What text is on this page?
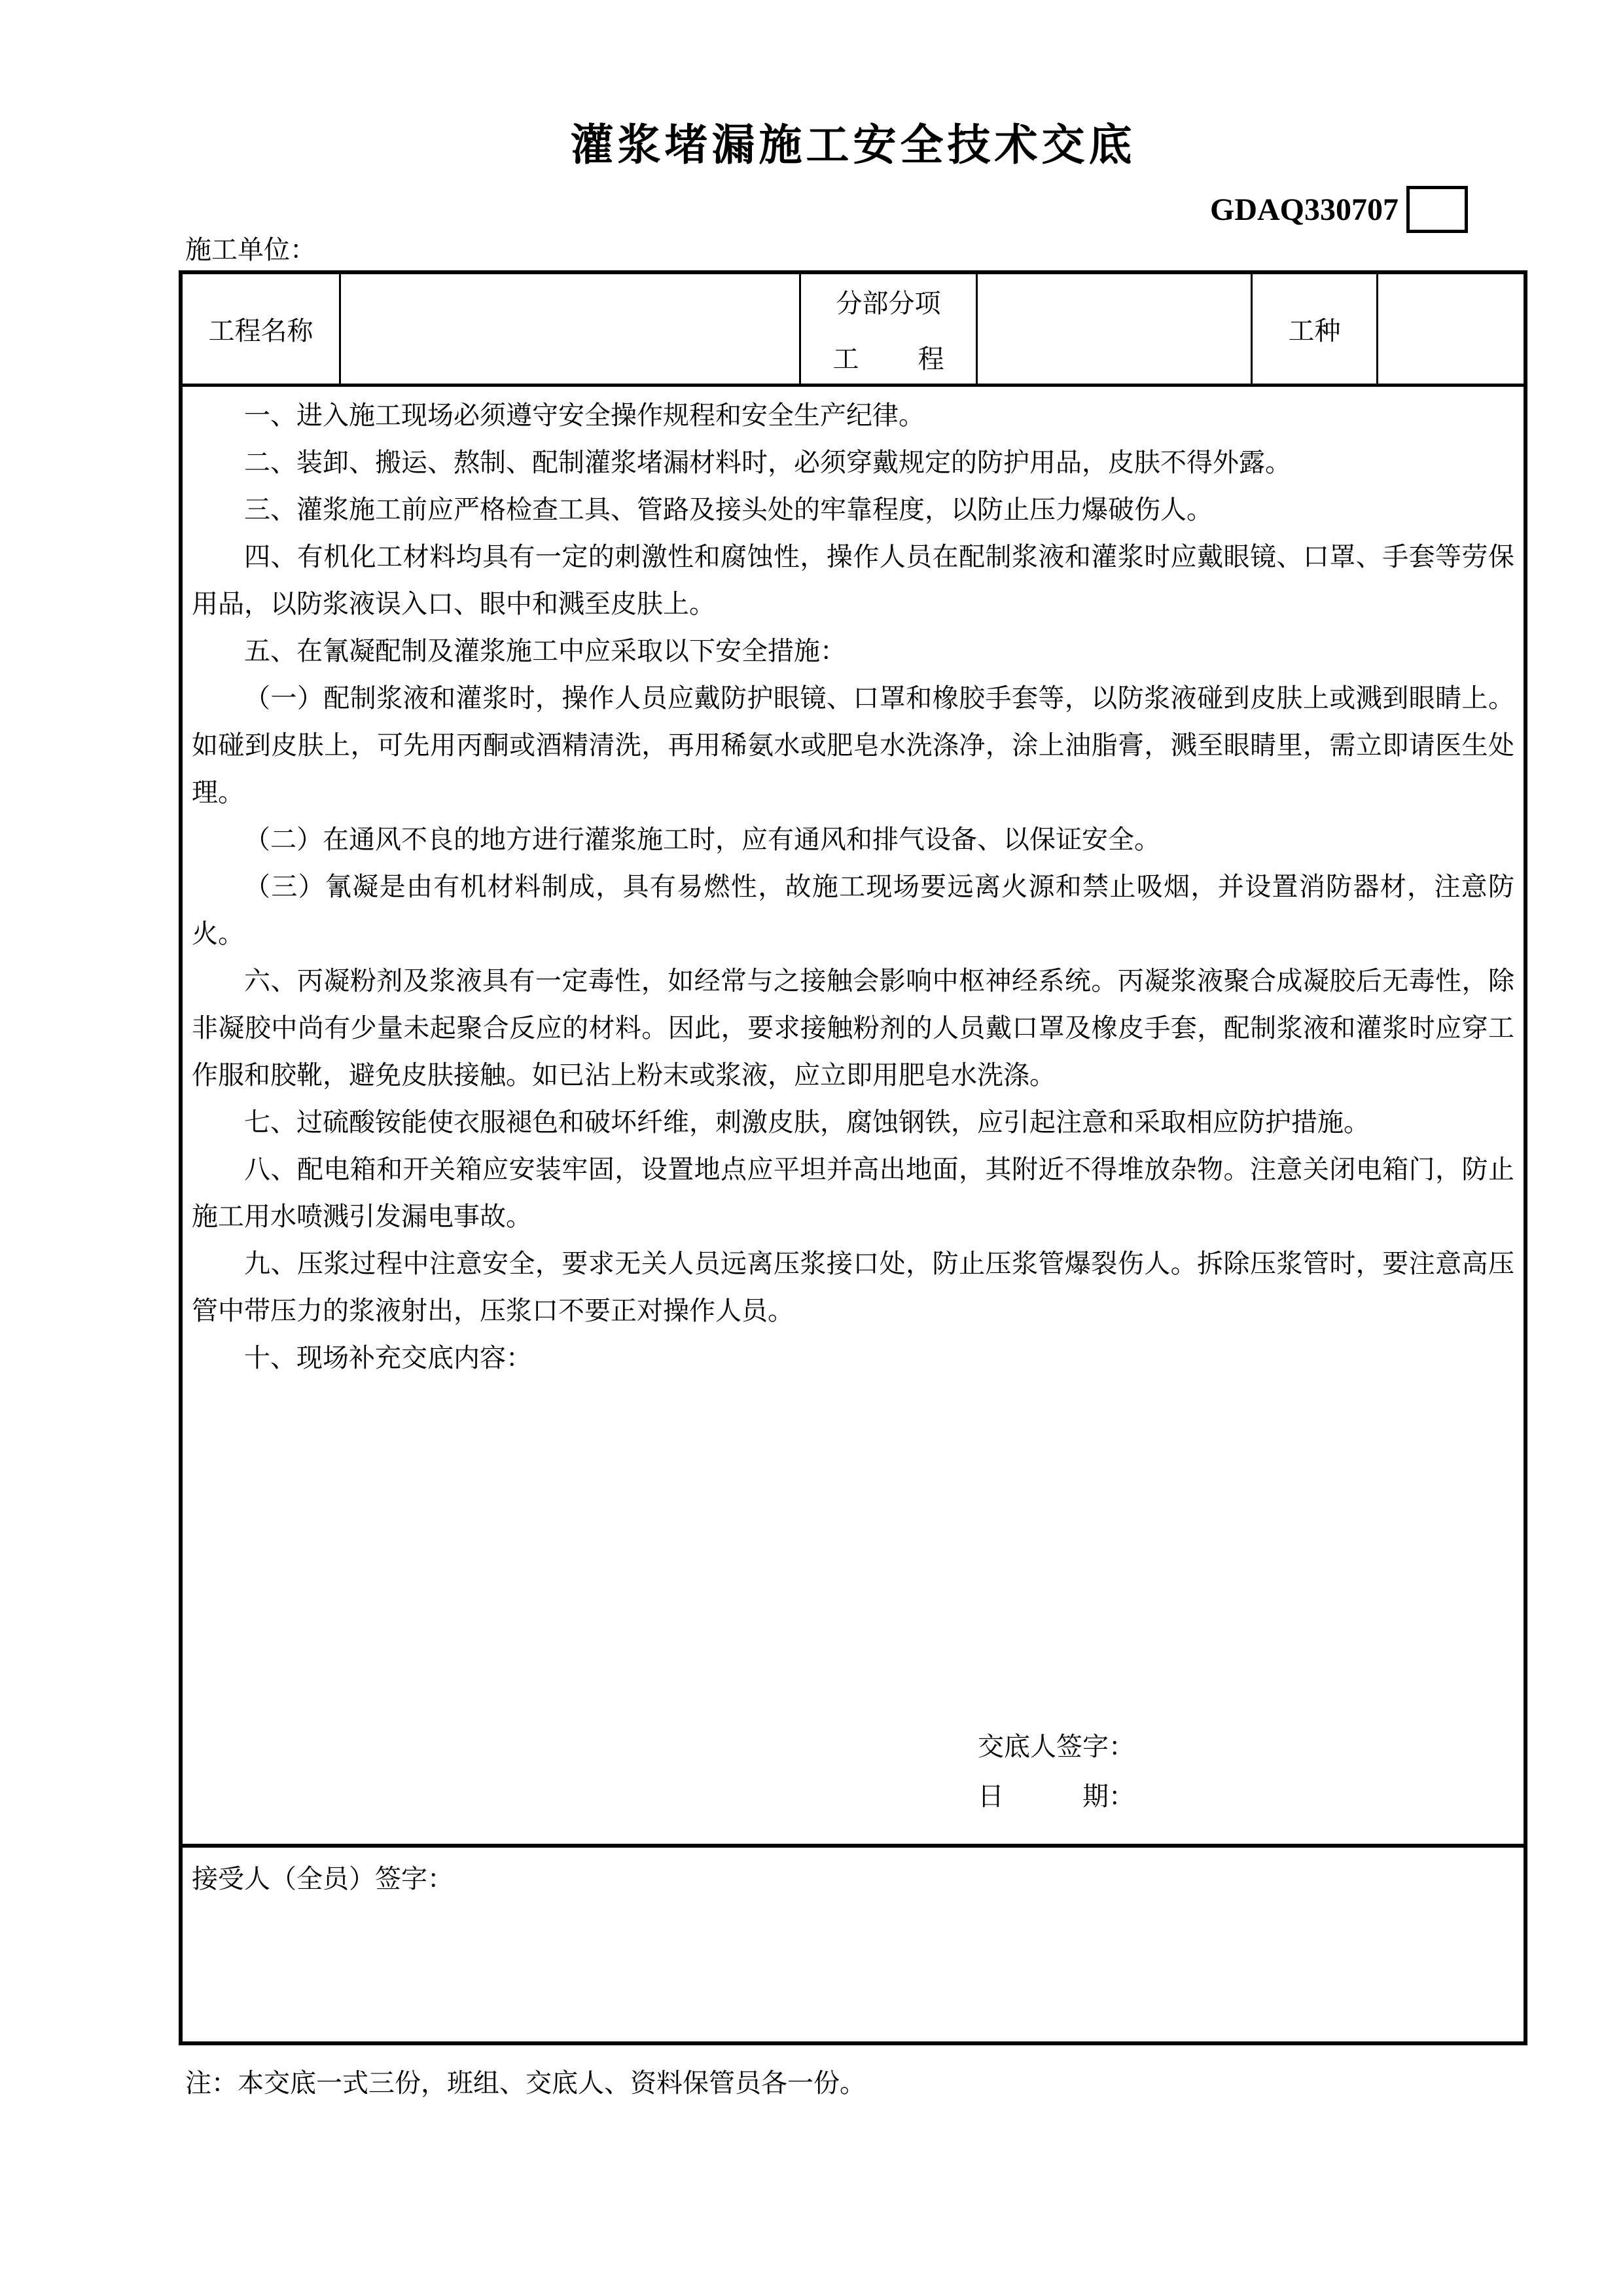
灌浆堵漏施工安全技术交底
GDAQ330707
施工单位：
工程名称
分部分项
工 程
工种

一、进入施工现场必须遵守安全操作规程和安全生产纪律。

二、装卸、搬运、熬制、配制灌浆堵漏材料时，必须穿戴规定的防护用品，皮肤不得外露。

三、灌浆施工前应严格检查工具、管路及接头处的牢靠程度，以防止压力爆破伤人。

四、有机化工材料均具有一定的刺激性和腐蚀性，操作人员在配制浆液和灌浆时应戴眼镜、口罩、手套等劳保用品，以防浆液误入口、眼中和溅至皮肤上。

五、在氰凝配制及灌浆施工中应采取以下安全措施：

（一）配制浆液和灌浆时，操作人员应戴防护眼镜、口罩和橡胶手套等，以防浆液碰到皮肤上或溅到眼睛上。如碰到皮肤上，可先用丙酮或酒精清洗，再用稀氨水或肥皂水洗涤净，涂上油脂膏，溅至眼睛里，需立即请医生处理。

（二）在通风不良的地方进行灌浆施工时，应有通风和排气设备、以保证安全。

（三）氰凝是由有机材料制成，具有易燃性，故施工现场要远离火源和禁止吸烟，并设置消防器材，注意防火。

六、丙凝粉剂及浆液具有一定毒性，如经常与之接触会影响中枢神经系统。丙凝浆液聚合成凝胶后无毒性，除非凝胶中尚有少量未起聚合反应的材料。因此，要求接触粉剂的人员戴口罩及橡皮手套，配制浆液和灌浆时应穿工作服和胶靴，避免皮肤接触。如已沾上粉末或浆液，应立即用肥皂水洗涤。

七、过硫酸铵能使衣服褪色和破坏纤维，刺激皮肤，腐蚀钢铁，应引起注意和采取相应防护措施。

八、配电箱和开关箱应安装牢固，设置地点应平坦并高出地面，其附近不得堆放杂物。注意关闭电箱门，防止施工用水喷溅引发漏电事故。

九、压浆过程中注意安全，要求无关人员远离压浆接口处，防止压浆管爆裂伤人。拆除压浆管时，要注意高压管中带压力的浆液射出，压浆口不要正对操作人员。

十、现场补充交底内容：

交底人签字：
日	期：
接受人（全员）签字：
注：本交底一式三份，班组、交底人、资料保管员各一份。
